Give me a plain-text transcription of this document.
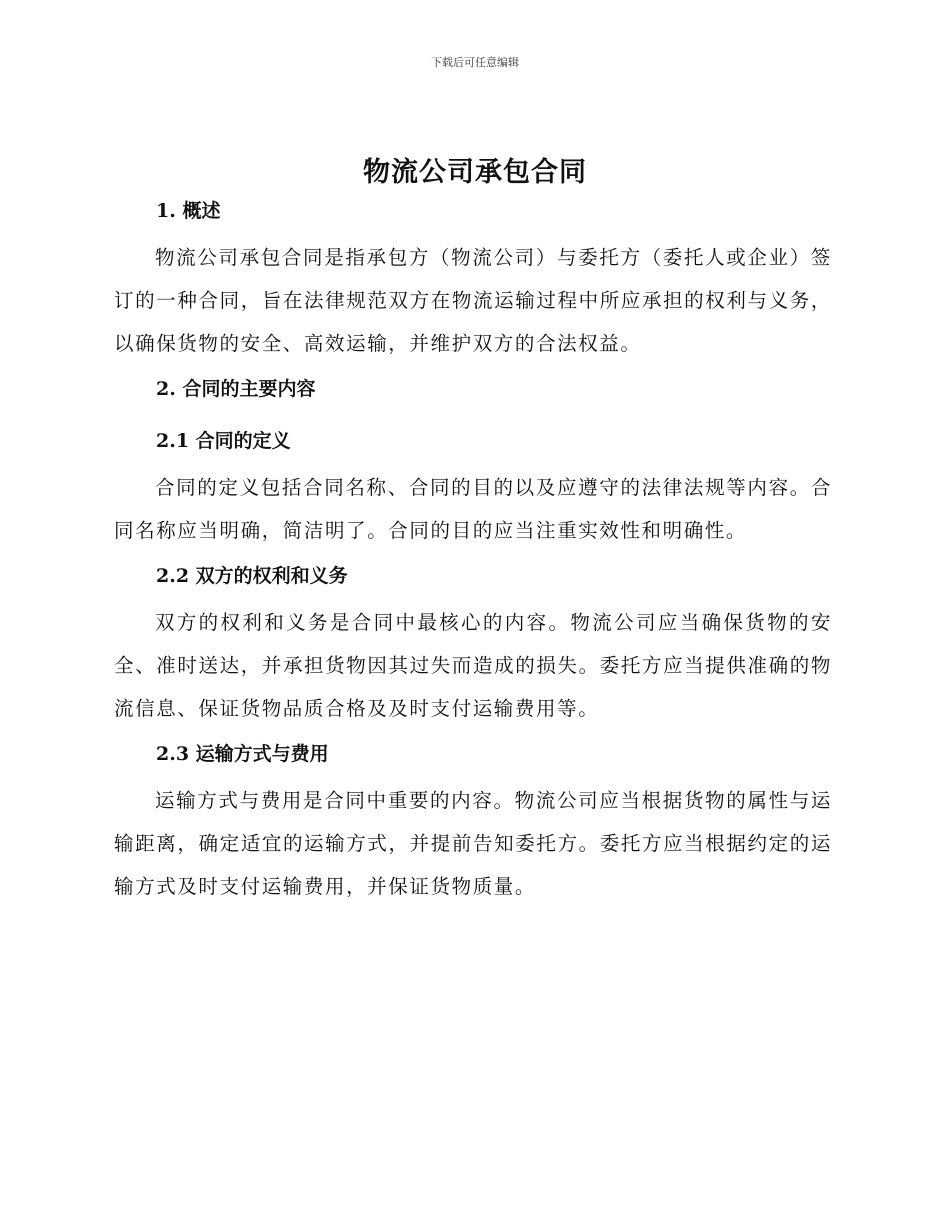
下载后可任意编辑
物流公司承包合同
1. 概述

物流公司承包合同是指承包方（物流公司）与委托方（委托人或企业）签订的一种合同，旨在法律规范双方在物流运输过程中所应承担的权利与义务，以确保货物的安全、高效运输，并维护双方的合法权益。

2. 合同的主要内容
2.1 合同的定义

合同的定义包括合同名称、合同的目的以及应遵守的法律法规等内容。合同名称应当明确，简洁明了。合同的目的应当注重实效性和明确性。

2.2 双方的权利和义务

双方的权利和义务是合同中最核心的内容。物流公司应当确保货物的安全、准时送达，并承担货物因其过失而造成的损失。委托方应当提供准确的物流信息、保证货物品质合格及及时支付运输费用等。

2.3 运输方式与费用

运输方式与费用是合同中重要的内容。物流公司应当根据货物的属性与运输距离，确定适宜的运输方式，并提前告知委托方。委托方应当根据约定的运输方式及时支付运输费用，并保证货物质量。
